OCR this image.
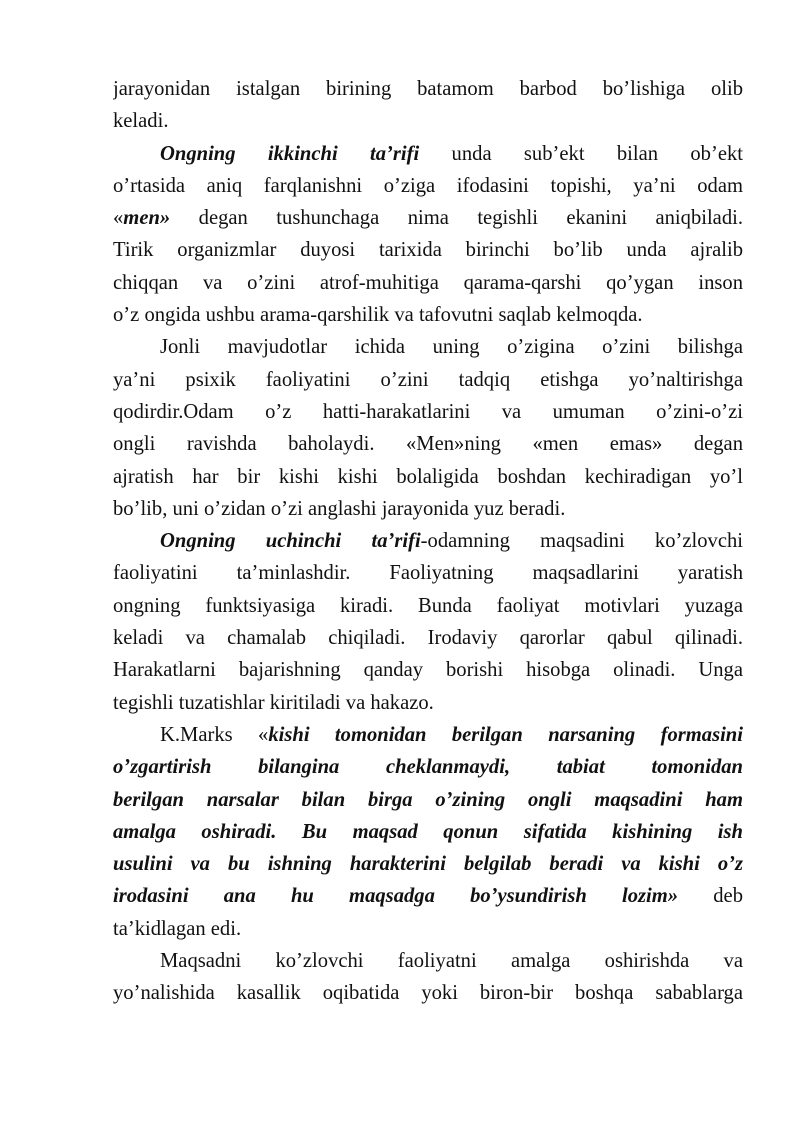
jarayonidan istalgan birining batamom barbod bo’lishiga olib
keladi.
Ongning ikkinchi ta’rifi unda sub’ekt bilan ob’ekt
o’rtasida aniq farqlanishni o’ziga ifodasini topishi, ya’ni odam
«men» degan tushunchaga nima tegishli ekanini aniqbiladi.
Tirik organizmlar duyosi tarixida birinchi bo’lib unda ajralib
chiqqan va o’zini atrof-muhitiga qarama-qarshi qo’ygan inson
o’z ongida ushbu arama-qarshilik va tafovutni saqlab kelmoqda.
Jonli mavjudotlar ichida uning o’zigina o’zini bilishga
ya’ni psixik faoliyatini o’zini tadqiq etishga yo’naltirishga
qodirdir.Odam o’z hatti-harakatlarini va umuman o’zini-o’zi
ongli ravishda baholaydi. «Men»ning «men emas» degan
ajratish har bir kishi kishi bolaligida boshdan kechiradigan yo’l
bo’lib, uni o’zidan o’zi anglashi jarayonida yuz beradi.
Ongning uchinchi ta’rifi-odamning maqsadini ko’zlovchi
faoliyatini ta’minlashdir. Faoliyatning maqsadlarini yaratish
ongning funktsiyasiga kiradi. Bunda faoliyat motivlari yuzaga
keladi va chamalab chiqiladi. Irodaviy qarorlar qabul qilinadi.
Harakatlarni bajarishning qanday borishi hisobga olinadi. Unga
tegishli tuzatishlar kiritiladi va hakazo.
K.Marks «kishi tomonidan berilgan narsaning formasini
o’zgartirish bilangina cheklanmaydi, tabiat tomonidan
berilgan narsalar bilan birga o’zining ongli maqsadini ham
amalga oshiradi. Bu maqsad qonun sifatida kishining ish
usulini va bu ishning harakterini belgilab beradi va kishi o’z
irodasini ana hu maqsadga bo’ysundirish lozim» deb
ta’kidlagan edi.
Maqsadni ko’zlovchi faoliyatni amalga oshirishda va
yo’nalishida kasallik oqibatida yoki biron-bir boshqa sabablarga
